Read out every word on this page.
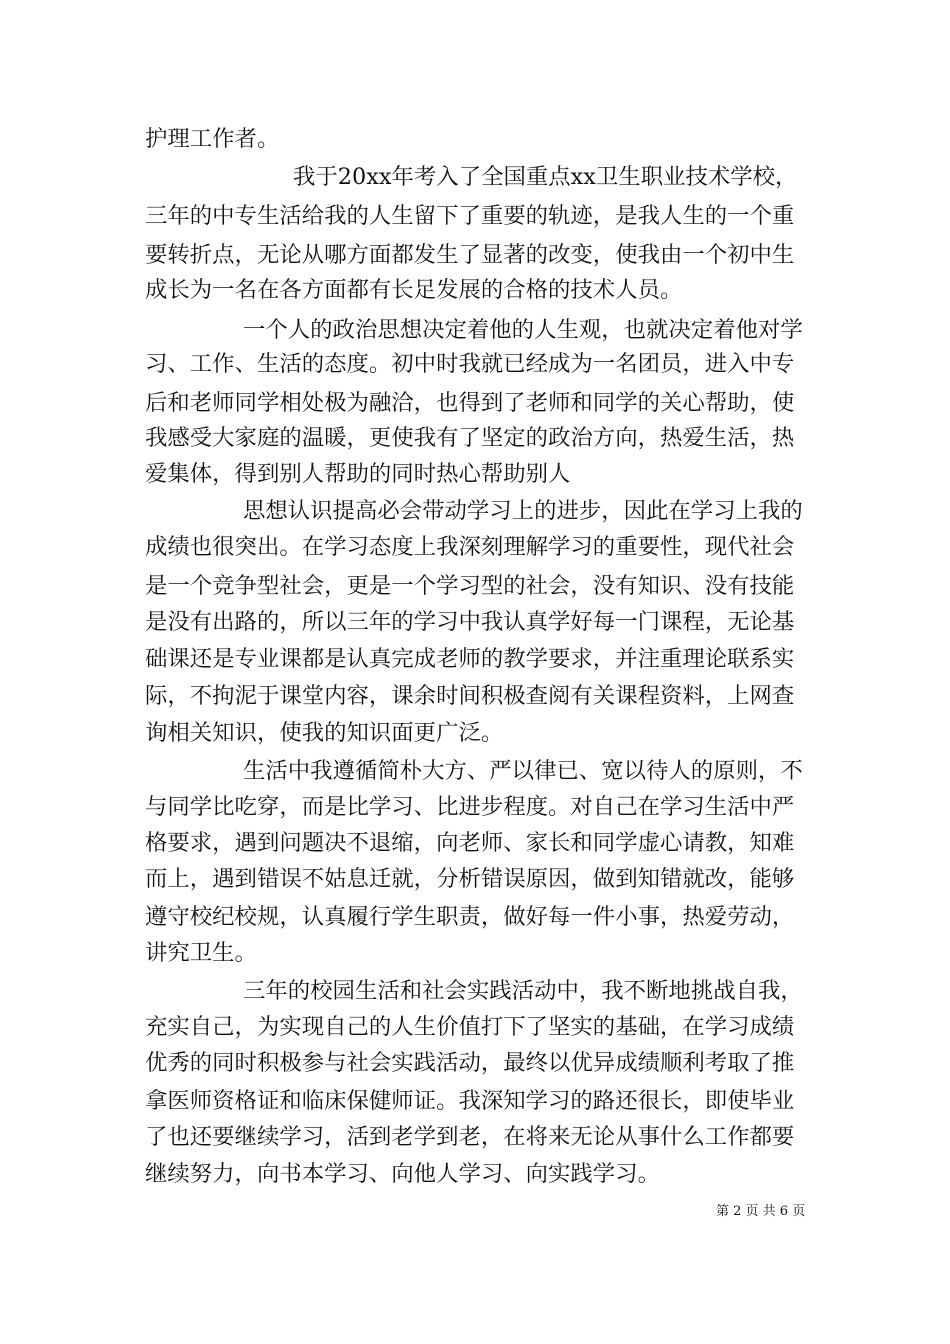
护理工作者。
我于20xx年考入了全国重点xx卫生职业技术学校，
三年的中专生活给我的人生留下了重要的轨迹，是我人生的一个重
要转折点，无论从哪方面都发生了显著的改变，使我由一个初中生
成长为一名在各方面都有长足发展的合格的技术人员。
一个人的政治思想决定着他的人生观，也就决定着他对学
习、工作、生活的态度。初中时我就已经成为一名团员，进入中专
后和老师同学相处极为融洽，也得到了老师和同学的关心帮助，使
我感受大家庭的温暖，更使我有了坚定的政治方向，热爱生活，热
爱集体，得到别人帮助的同时热心帮助别人
思想认识提高必会带动学习上的进步，因此在学习上我的
成绩也很突出。在学习态度上我深刻理解学习的重要性，现代社会
是一个竞争型社会，更是一个学习型的社会，没有知识、没有技能
是没有出路的，所以三年的学习中我认真学好每一门课程，无论基
础课还是专业课都是认真完成老师的教学要求，并注重理论联系实
际，不拘泥于课堂内容，课余时间积极查阅有关课程资料，上网查
询相关知识，使我的知识面更广泛。
生活中我遵循简朴大方、严以律已、宽以待人的原则，不
与同学比吃穿，而是比学习、比进步程度。对自己在学习生活中严
格要求，遇到问题决不退缩，向老师、家长和同学虚心请教，知难
而上，遇到错误不姑息迁就，分析错误原因，做到知错就改，能够
遵守校纪校规，认真履行学生职责，做好每一件小事，热爱劳动，
讲究卫生。
三年的校园生活和社会实践活动中，我不断地挑战自我，
充实自己，为实现自己的人生价值打下了坚实的基础，在学习成绩
优秀的同时积极参与社会实践活动，最终以优异成绩顺利考取了推
拿医师资格证和临床保健师证。我深知学习的路还很长，即使毕业
了也还要继续学习，活到老学到老，在将来无论从事什么工作都要
继续努力，向书本学习、向他人学习、向实践学习。
第 2 页 共 6 页
